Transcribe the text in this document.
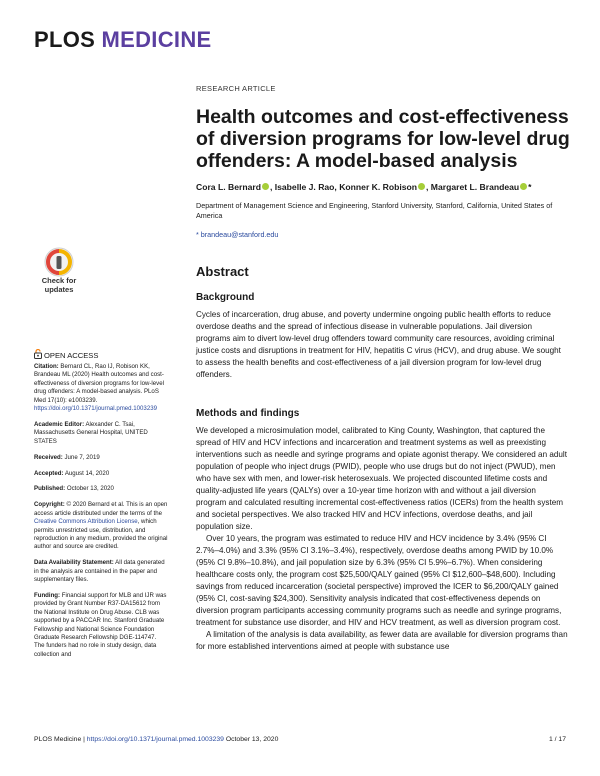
PLOS MEDICINE
RESEARCH ARTICLE
Health outcomes and cost-effectiveness of diversion programs for low-level drug offenders: A model-based analysis
Cora L. Bernard , Isabelle J. Rao, Konner K. Robison , Margaret L. Brandeau *
Department of Management Science and Engineering, Stanford University, Stanford, California, United States of America
* brandeau@stanford.edu
Check for
updates
OPEN ACCESS

Citation: Bernard CL, Rao IJ, Robison KK, Brandeau ML (2020) Health outcomes and cost-effectiveness of diversion programs for low-level drug offenders: A model-based analysis. PLoS Med 17(10): e1003239. https://doi.org/10.1371/journal.pmed.1003239

Academic Editor: Alexander C. Tsai, Massachusetts General Hospital, UNITED STATES

Received: June 7, 2019

Accepted: August 14, 2020

Published: October 13, 2020

Copyright: © 2020 Bernard et al. This is an open access article distributed under the terms of the Creative Commons Attribution License, which permits unrestricted use, distribution, and reproduction in any medium, provided the original author and source are credited.

Data Availability Statement: All data generated in the analysis are contained in the paper and supplementary files.

Funding: Financial support for MLB and IJR was provided by Grant Number R37-DA15612 from the National Institute on Drug Abuse. CLB was supported by a PACCAR Inc. Stanford Graduate Fellowship and National Science Foundation Graduate Research Fellowship DGE-114747. The funders had no role in study design, data collection and

Abstract
Background

Cycles of incarceration, drug abuse, and poverty undermine ongoing public health efforts to reduce overdose deaths and the spread of infectious disease in vulnerable populations. Jail diversion programs aim to divert low-level drug offenders toward community care resources, avoiding criminal justice costs and disruptions in treatment for HIV, hepatitis C virus (HCV), and drug abuse. We sought to assess the health benefits and cost-effectiveness of a jail diversion program for low-level drug offenders.

Methods and findings

We developed a microsimulation model, calibrated to King County, Washington, that captured the spread of HIV and HCV infections and incarceration and treatment systems as well as preexisting interventions such as needle and syringe programs and opiate agonist therapy. We considered an adult population of people who inject drugs (PWID), people who use drugs but do not inject (PWUD), men who have sex with men, and lower-risk heterosexuals. We projected discounted lifetime costs and quality-adjusted life years (QALYs) over a 10-year time horizon with and without a jail diversion program and calculated resulting incremental cost-effectiveness ratios (ICERs) from the health system and societal perspectives. We also tracked HIV and HCV infections, overdose deaths, and jail population size.

Over 10 years, the program was estimated to reduce HIV and HCV incidence by 3.4% (95% CI 2.7%–4.0%) and 3.3% (95% CI 3.1%–3.4%), respectively, overdose deaths among PWID by 10.0% (95% CI 9.8%–10.8%), and jail population size by 6.3% (95% CI 5.9%–6.7%). When considering healthcare costs only, the program cost $25,500/QALY gained (95% CI $12,600–$48,600). Including savings from reduced incarceration (societal perspective) improved the ICER to $6,200/QALY gained (95% CI, cost-saving $24,300). Sensitivity analysis indicated that cost-effectiveness depends on diversion program participants accessing community programs such as needle and syringe programs, treatment for substance use disorder, and HIV and HCV treatment, as well as diversion program cost.

A limitation of the analysis is data availability, as fewer data are available for diversion programs than for more established interventions aimed at people with substance use

PLOS Medicine | https://doi.org/10.1371/journal.pmed.1003239 October 13, 2020	1 / 17
